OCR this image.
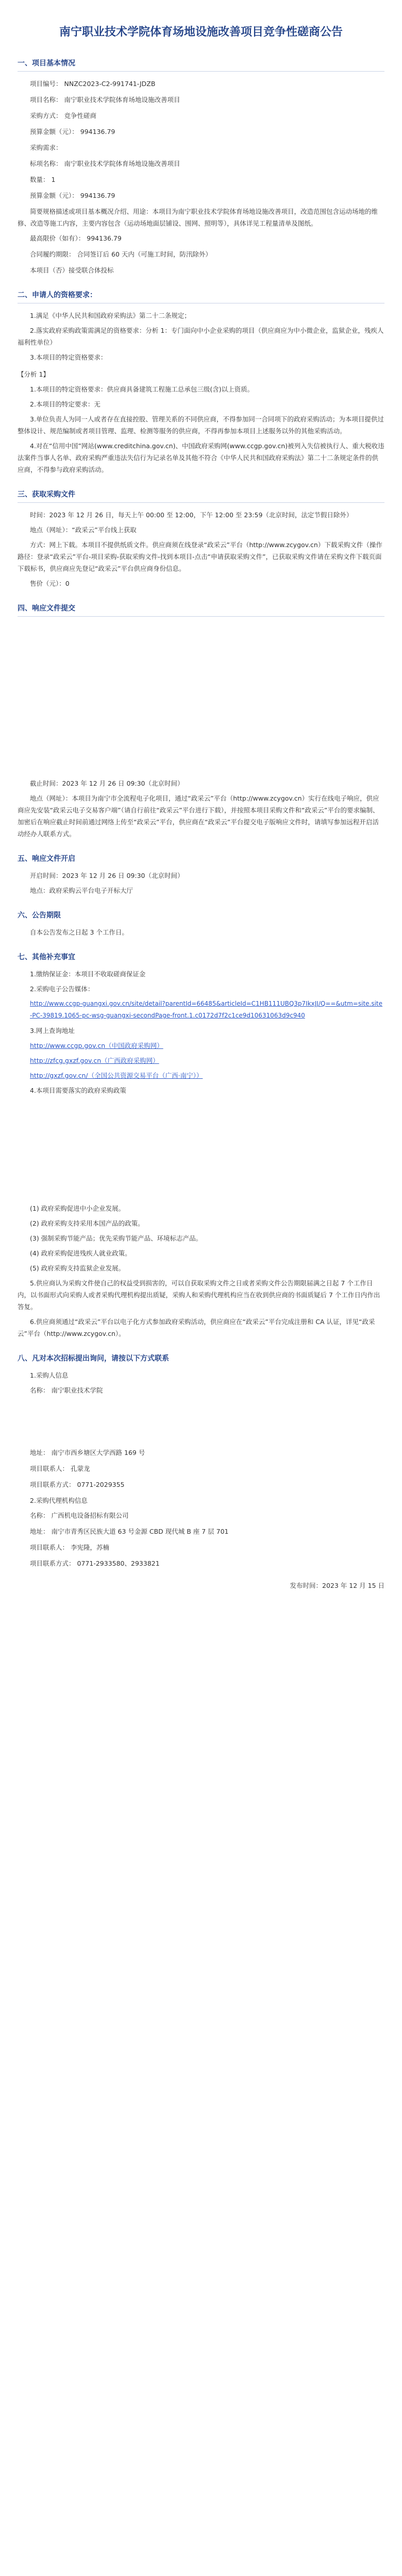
南宁职业技术学院体育场地设施改善项目竞争性磋商公告
一、项目基本情况
项目编号： NNZC2023-C2-991741-JDZB
项目名称： 南宁职业技术学院体育场地设施改善项目
采购方式： 竞争性磋商
预算金额（元）： 994136.79
采购需求：
标项名称： 南宁职业技术学院体育场地设施改善项目
数量： 1
预算金额（元）： 994136.79

简要规格描述或项目基本概况介绍、用途：本项目为南宁职业技术学院体育场地设施改善项目，改造范围包含运动场地的维修、改造等施工内容，主要内容包含（运动场地面层铺设、围网、照明等），具体详见工程量清单及图纸。

最高限价（如有）： 994136.79
合同履约期限： 合同签订后 60 天内（可施工时间，防汛除外）
本项目（否）接受联合体投标
二、申请人的资格要求：

1.满足《中华人民共和国政府采购法》第二十二条规定；

2.落实政府采购政策需满足的资格要求：分析 1：专门面向中小企业采购的项目（供应商应为中小微企业，监狱企业，残疾人福利性单位）

3.本项目的特定资格要求：

【分析 1】

1.本项目的特定资格要求：供应商具备建筑工程施工总承包三级(含)以上资质。

2.本项目的特定要求：无

3.单位负责人为同一人或者存在直接控股、管理关系的不同供应商，不得参加同一合同项下的政府采购活动；为本项目提供过整体设计、规范编制或者项目管理、监理、检测等服务的供应商，不得再参加本项目上述服务以外的其他采购活动。

4.对在“信用中国”网站(www.creditchina.gov.cn)、中国政府采购网(www.ccgp.gov.cn)被列入失信被执行人、重大税收违法案件当事人名单、政府采购严重违法失信行为记录名单及其他不符合《中华人民共和国政府采购法》第二十二条规定条件的供应商，不得参与政府采购活动。

三、获取采购文件

时间：2023 年 12 月 26 日，每天上午 00:00 至 12:00，下午 12:00 至 23:59（北京时间，法定节假日除外）

地点（网址）：“政采云”平台线上获取

方式：网上下载。本项目不提供纸质文件。供应商须在线登录“政采云”平台（http://www.zcygov.cn）下载采购文件（操作路径：登录“政采云”平台-项目采购-获取采购文件-找到本项目-点击“申请获取采购文件”，已获取采购文件请在采购文件下载页面下载标书，供应商应先登记“政采云”平台供应商身份信息。

售价（元）：0

四、响应文件提交

截止时间：2023 年 12 月 26 日 09:30（北京时间）

地点（网址）：本项目为南宁市全流程电子化项目，通过“政采云”平台（http://www.zcygov.cn）实行在线电子响应，供应商应先安装“政采云电子交易客户端”（请自行前往“政采云”平台进行下载），并按照本项目采购文件和“政采云”平台的要求编制、加密后在响应截止时间前通过网络上传至“政采云”平台，供应商在“政采云”平台提交电子版响应文件时，请填写参加远程开启活动经办人联系方式。

五、响应文件开启

开启时间：2023 年 12 月 26 日 09:30（北京时间）

地点：政府采购云平台电子开标大厅

六、公告期限

自本公告发布之日起 3 个工作日。

七、其他补充事宜

1.缴纳保证金：本项目不收取磋商保证金

2.采购电子公告媒体：

http://www.ccgp-guangxi.gov.cn/site/detail?parentId=66485&articleId=C1HB111UBQ3p7IkxJJ/Q==&utm=site.site-PC-39819.1065-pc-wsg-guangxi-secondPage-front.1.c0172d7f2c1ce9d10631063d9c940

3.网上查询地址

http://www.ccgp.gov.cn（中国政府采购网）

http://zfcg.gxzf.gov.cn（广西政府采购网）

http://gxzf.gov.cn/（全国公共资源交易平台（广西·南宁））

4.本项目需要落实的政府采购政策

(1) 政府采购促进中小企业发展。

(2) 政府采购支持采用本国产品的政策。

(3) 强制采购节能产品；优先采购节能产品、环境标志产品。

(4) 政府采购促进残疾人就业政策。

(5) 政府采购支持监狱企业发展。

5.供应商认为采购文件使自己的权益受到损害的，可以自获取采购文件之日或者采购文件公告期限届满之日起 7 个工作日内，以书面形式向采购人或者采购代理机构提出质疑，采购人和采购代理机构应当在收到供应商的书面质疑后 7 个工作日内作出答复。

6.供应商须通过“政采云”平台以电子化方式参加政府采购活动，供应商应在“政采云”平台完成注册和 CA 认证，详见“政采云”平台（http://www.zcygov.cn）。

八、凡对本次招标提出询问，请按以下方式联系

1.采购人信息

名称： 南宁职业技术学院
地址： 南宁市西乡塘区大学西路 169 号
项目联系人： 孔蒙龙
项目联系方式： 0771-2029355

2.采购代理机构信息

名称： 广西机电设备招标有限公司
地址： 南宁市青秀区民族大道 63 号金源 CBD 现代城 B 座 7 层 701
项目联系人： 李宪隆，苏楠
项目联系方式： 0771-2933580、2933821
发布时间：2023 年 12 月 15 日
